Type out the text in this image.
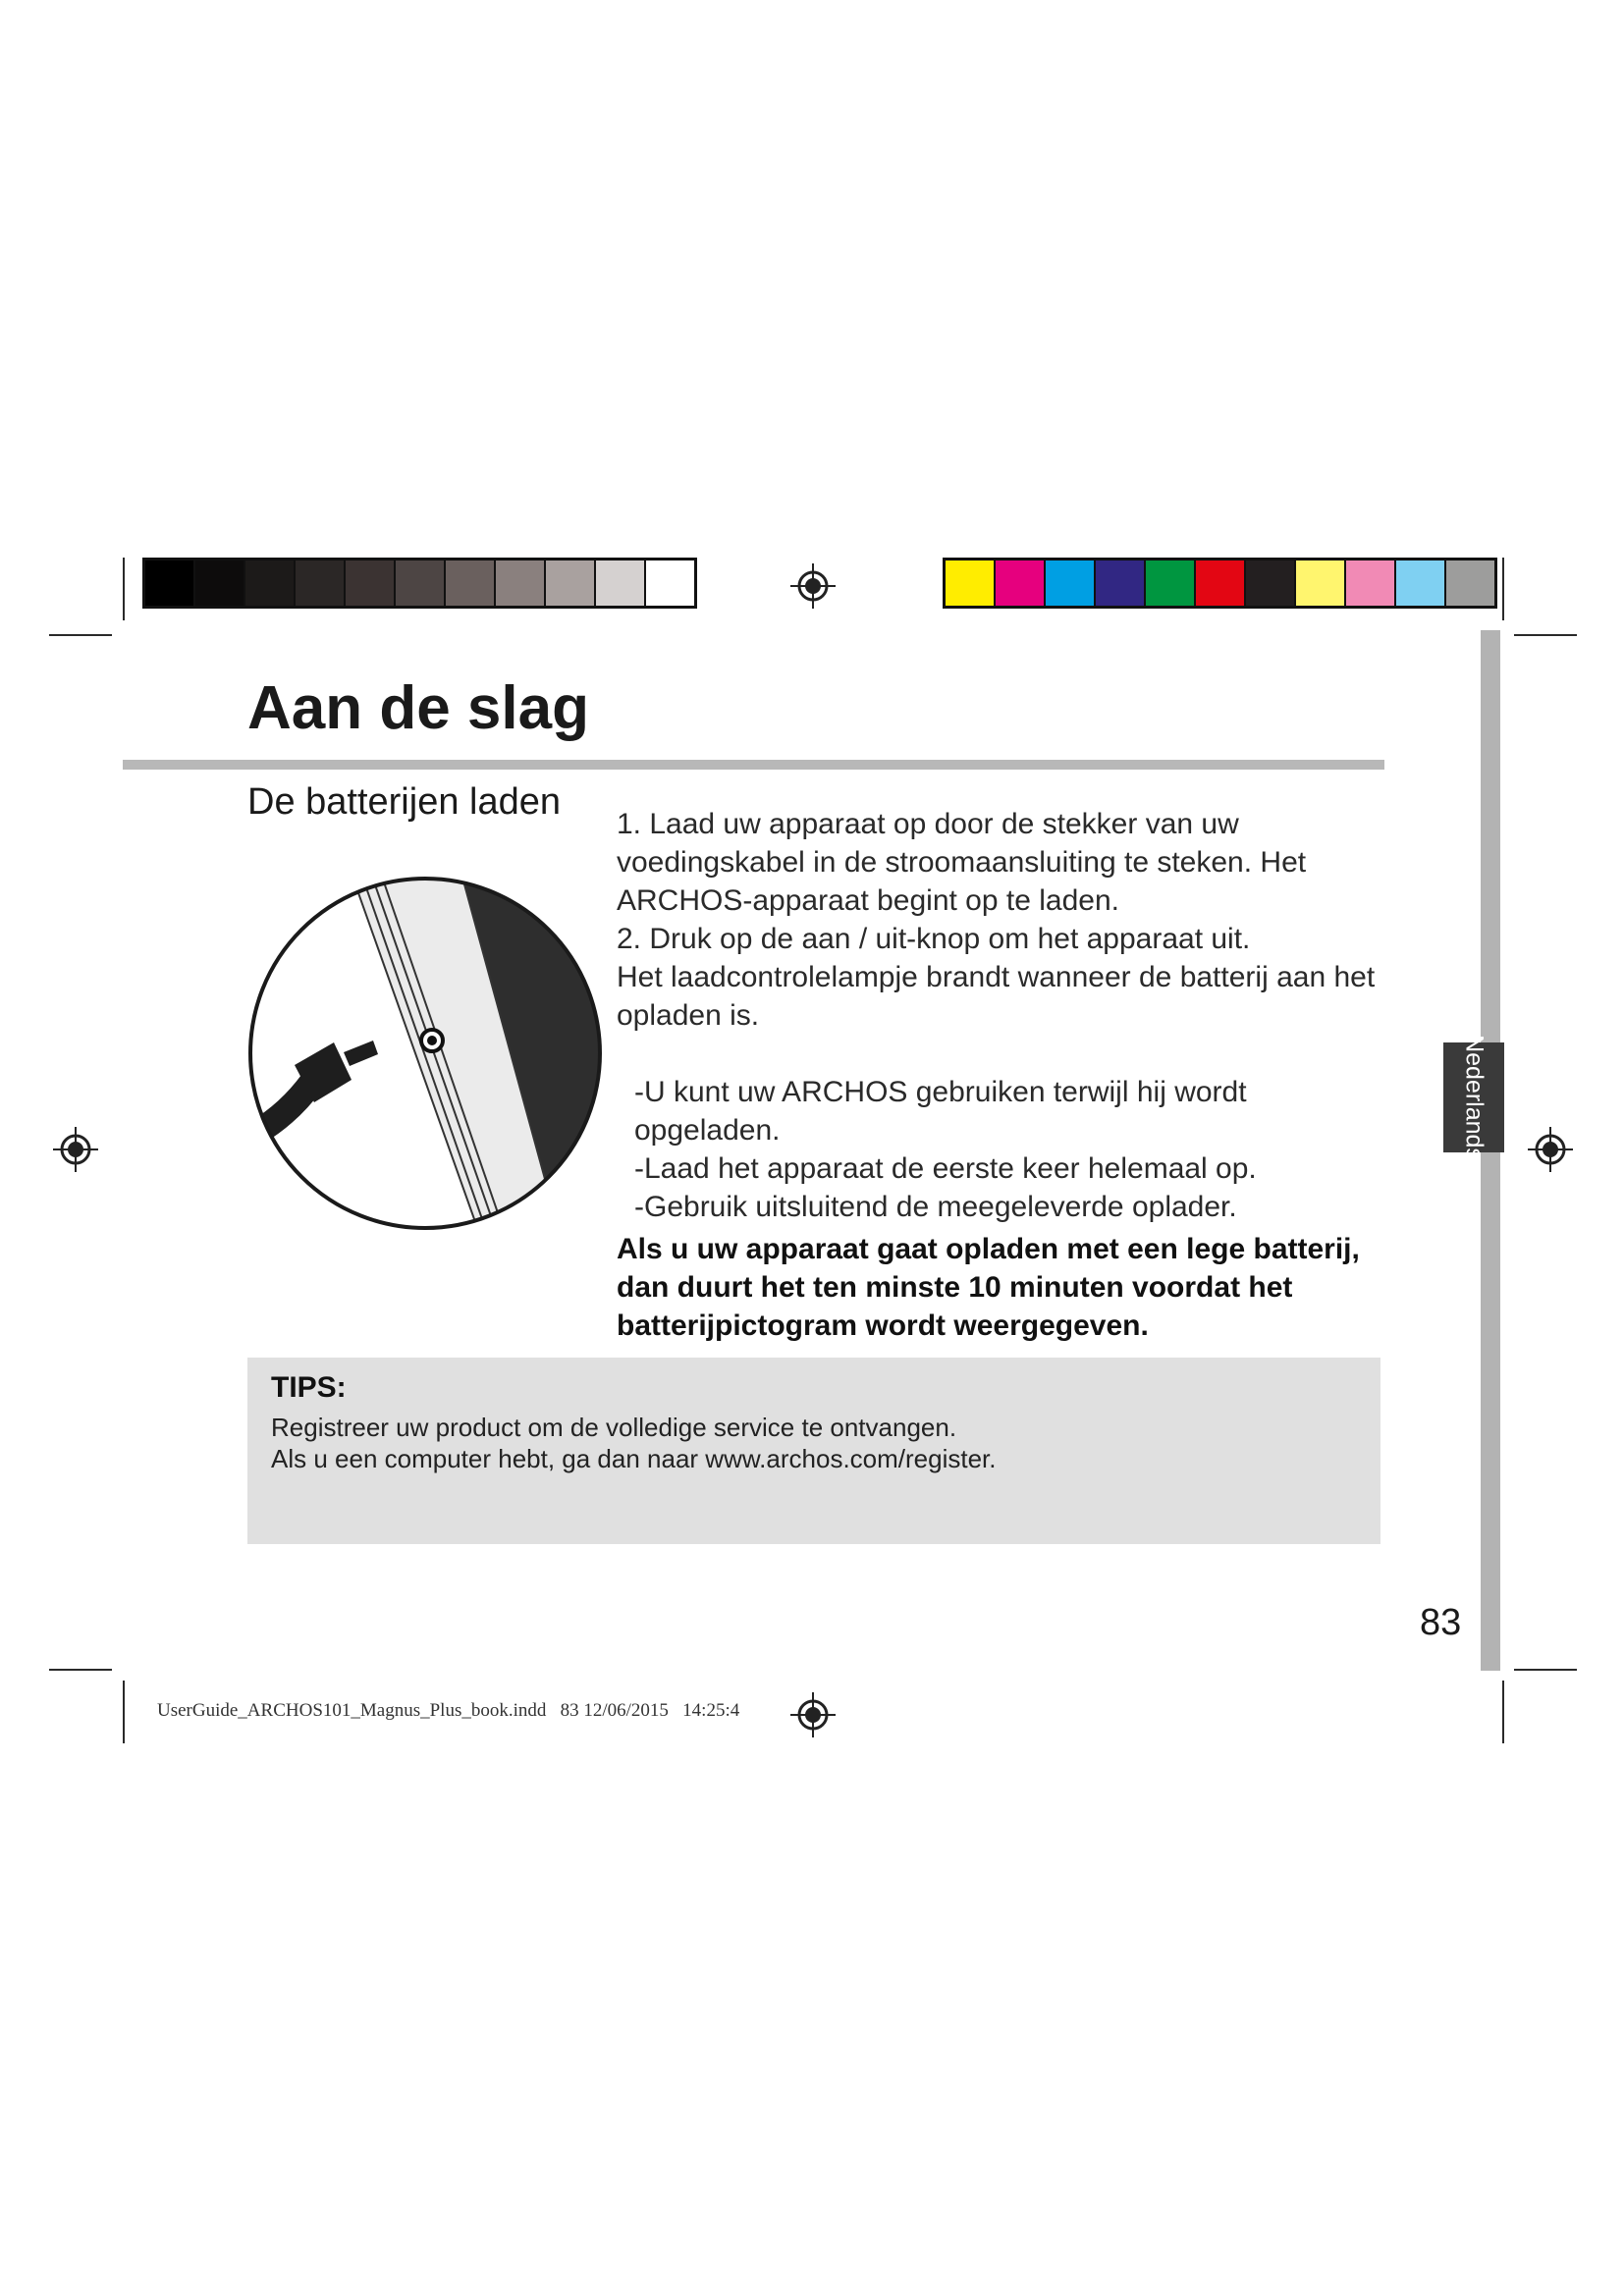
Aan de slag
De batterijen laden

1. Laad uw apparaat op door de stekker van uw voedingskabel in de stroomaansluiting te steken. Het ARCHOS-apparaat begint op te laden.

2. Druk op de aan / uit-knop om het apparaat uit.

Het laadcontrolelampje brandt wanneer de batterij aan het opladen is.

-U kunt uw ARCHOS gebruiken terwijl hij wordt opgeladen.

-Laad het apparaat de eerste keer helemaal op.

-Gebruik uitsluitend de meegeleverde oplader.

Als u uw apparaat gaat opladen met een lege batterij, dan duurt het ten minste 10 minuten voordat het batterijpictogram wordt weergegeven.

TIPS:
Registreer uw product om de volledige service te ontvangen.
Als u een computer hebt, ga dan naar www.archos.com/register.
Nederlands
83
UserGuide_ARCHOS101_Magnus_Plus_book.indd   83 12/06/2015   14:25:4
